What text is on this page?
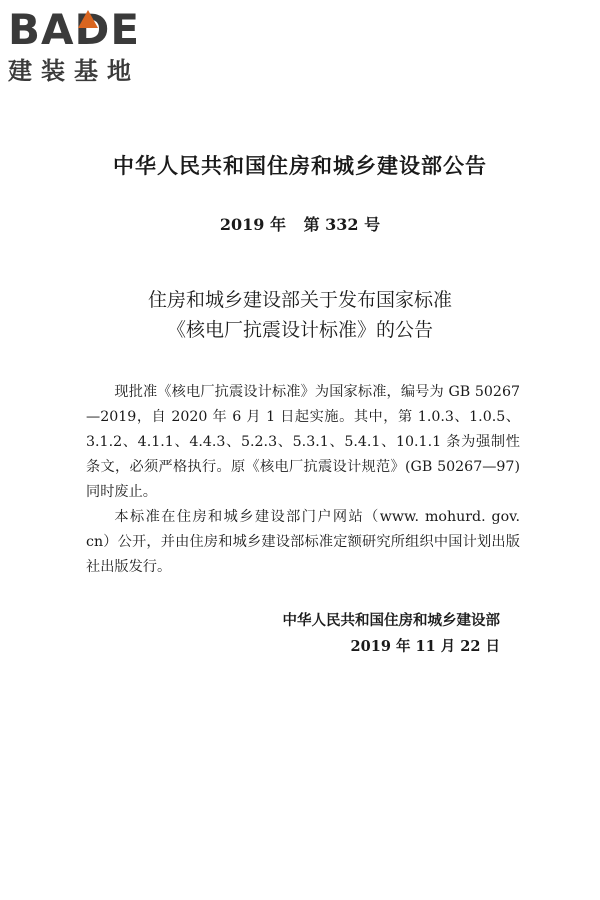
BADE
建装基地
中华人民共和国住房和城乡建设部公告
2019 年 第 332 号
住房和城乡建设部关于发布国家标准
《核电厂抗震设计标准》的公告

现批准《核电厂抗震设计标准》为国家标准，编号为 GB 50267—2019，自 2020 年 6 月 1 日起实施。其中，第 1.0.3、1.0.5、3.1.2、4.1.1、4.4.3、5.2.3、5.3.1、5.4.1、10.1.1 条为强制性条文，必须严格执行。原《核电厂抗震设计规范》(GB 50267—97)同时废止。

本标准在住房和城乡建设部门户网站（www. mohurd. gov. cn）公开，并由住房和城乡建设部标准定额研究所组织中国计划出版社出版发行。

中华人民共和国住房和城乡建设部
2019 年 11 月 22 日
